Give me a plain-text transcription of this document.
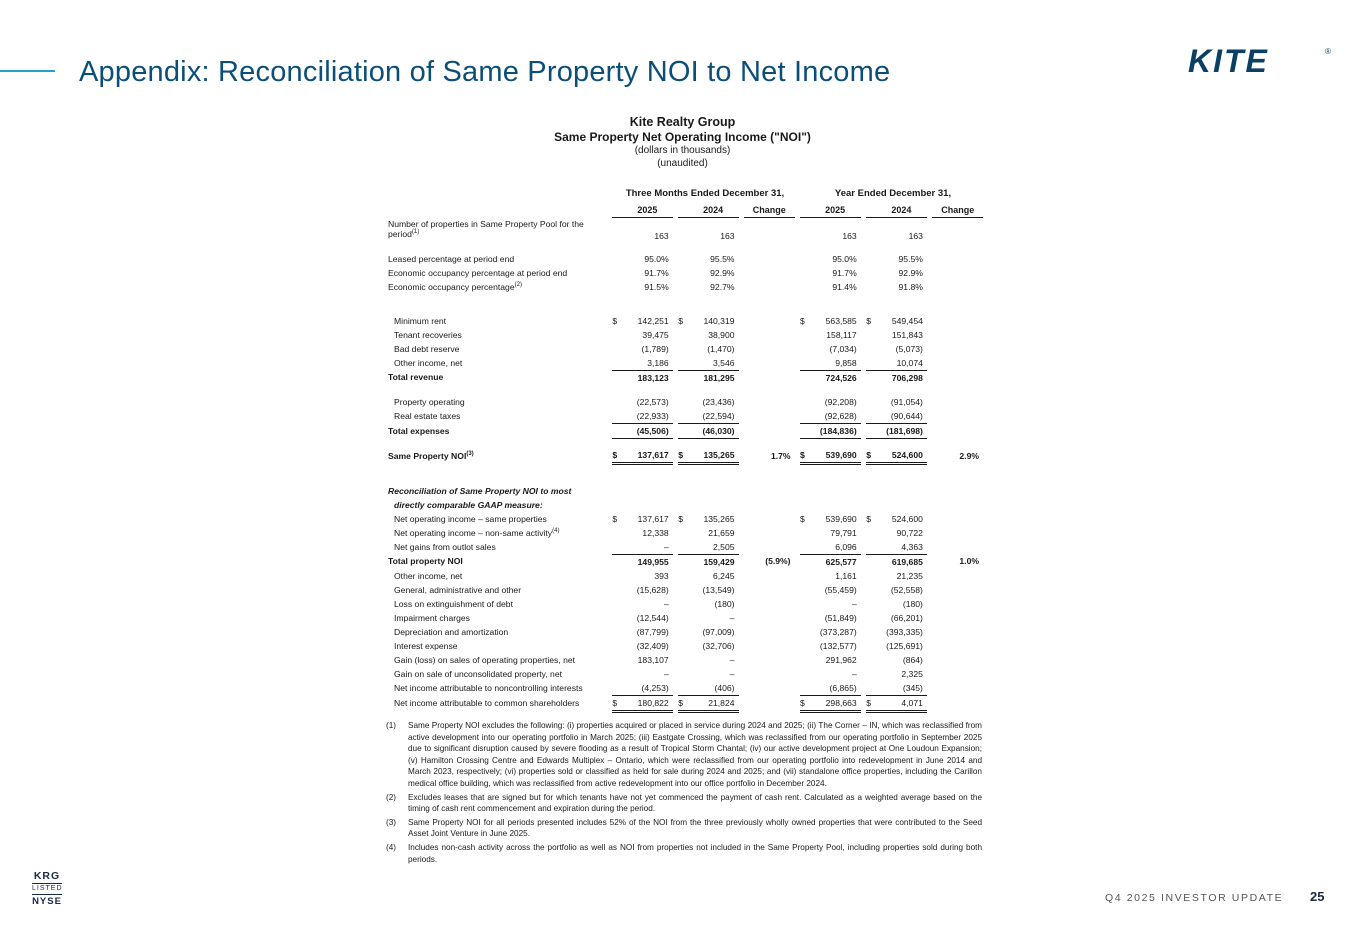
Appendix: Reconciliation of Same Property NOI to Net Income	KITE	®
Kite Realty Group
Same Property Net Operating Income ("NOI")
(dollars in thousands)
(unaudited)
Three Months Ended December 31,	Year Ended December 31,
		2025			2024		Change			2025			2024		Change
Number of properties in Same Property Pool for the period$^{(1)}$		163			163					163			163		

Leased percentage at period end		95.0%			95.5%					95.0%			95.5%		
Economic occupancy percentage at period end		91.7%			92.9%					91.7%			92.9%		
Economic occupancy percentage$^{(2)}$		91.5%			92.7%					91.4%			91.8%		

Minimum rent	$	142,251		$	140,319				$	563,585		$	549,454		
Tenant recoveries		39,475			38,900					158,117			151,843		
Bad debt reserve		(1,789)			(1,470)					(7,034)			(5,073)		
Other income, net		3,186			3,546					9,858			10,074		
Total revenue		183,123			181,295					724,526			706,298		

Property operating		(22,573)			(23,436)					(92,208)			(91,054)		
Real estate taxes		(22,933)			(22,594)					(92,628)			(90,644)		
Total expenses		(45,506)			(46,030)					(184,836)			(181,698)		

Same Property NOI$^{(3)}$	$	137,617		$	135,265		1.7%		$	539,690		$	524,600		2.9%

Reconciliation of Same Property NOI to most															
directly comparable GAAP measure:															
Net operating income – same properties	$	137,617		$	135,265				$	539,690		$	524,600		
Net operating income – non-same activity$^{(4)}$		12,338			21,659					79,791			90,722		
Net gains from outlot sales		–			2,505					6,096			4,363		
Total property NOI		149,955			159,429		(5.9%)			625,577			619,685		1.0%
Other income, net		393			6,245					1,161			21,235		
General, administrative and other		(15,628)			(13,549)					(55,459)			(52,558)		
Loss on extinguishment of debt		–			(180)					–			(180)		
Impairment charges		(12,544)			–					(51,849)			(66,201)		
Depreciation and amortization		(87,799)			(97,009)					(373,287)			(393,335)		
Interest expense		(32,409)			(32,706)					(132,577)			(125,691)		
Gain (loss) on sales of operating properties, net		183,107			–					291,962			(864)		
Gain on sale of unconsolidated property, net		–			–					–			2,325		
Net income attributable to noncontrolling interests		(4,253)			(406)					(6,865)			(345)		
Net income attributable to common shareholders	$	180,822		$	21,824				$	298,663		$	4,071		
(1)	Same Property NOI excludes the following: (i) properties acquired or placed in service during 2024 and 2025; (ii) The Corner – IN, which was reclassified from active development into our operating portfolio in March 2025; (iii) Eastgate Crossing, which was reclassified from our operating portfolio in September 2025 due to significant disruption caused by severe flooding as a result of Tropical Storm Chantal; (iv) our active development project at One Loudoun Expansion; (v) Hamilton Crossing Centre and Edwards Multiplex – Ontario, which were reclassified from our operating portfolio into redevelopment in June 2014 and March 2023, respectively; (vi) properties sold or classified as held for sale during 2024 and 2025; and (vii) standalone office properties, including the Carillon medical office building, which was reclassified from active redevelopment into our office portfolio in December 2024.
(2)	Excludes leases that are signed but for which tenants have not yet commenced the payment of cash rent. Calculated as a weighted average based on the timing of cash rent commencement and expiration during the period.
(3)	Same Property NOI for all periods presented includes 52% of the NOI from the three previously wholly owned properties that were contributed to the Seed Asset Joint Venture in June 2025.
(4)	Includes non-cash activity across the portfolio as well as NOI from properties not included in the Same Property Pool, including properties sold during both periods.
KRG
LISTED
NYSE	Q4 2025 INVESTOR UPDATE 25
